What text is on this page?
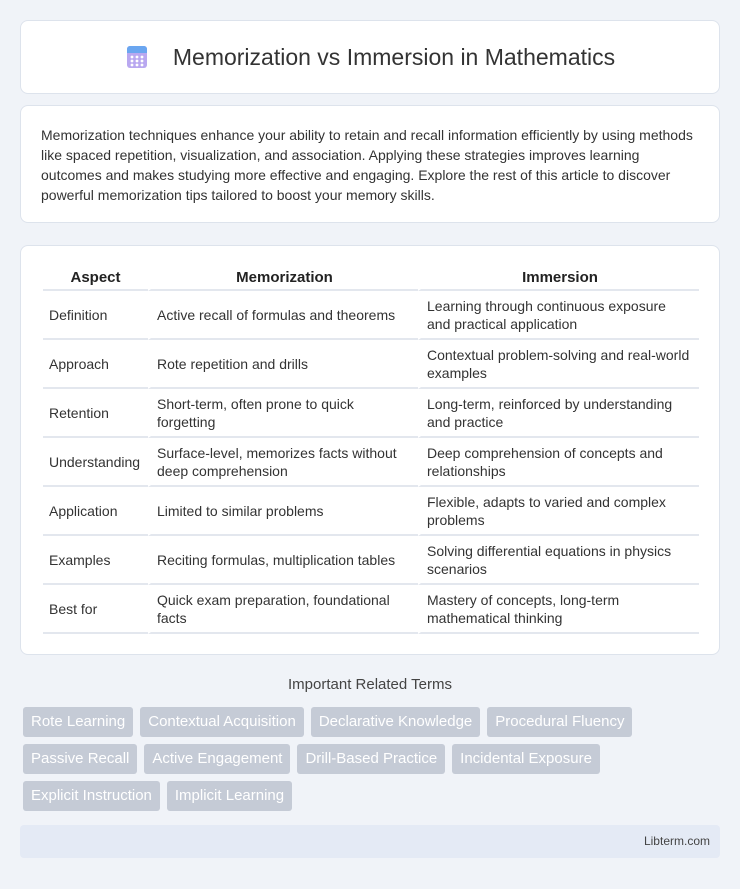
Memorization vs Immersion in Mathematics

Memorization techniques enhance your ability to retain and recall information efficiently by using methods like spaced repetition, visualization, and association. Applying these strategies improves learning outcomes and makes studying more effective and engaging. Explore the rest of this article to discover powerful memorization tips tailored to boost your memory skills.

Aspect	Memorization	Immersion
Definition	Active recall of formulas and theorems	Learning through continuous exposure and practical application
Approach	Rote repetition and drills	Contextual problem-solving and real-world examples
Retention	Short-term, often prone to quick forgetting	Long-term, reinforced by understanding and practice
Understanding	Surface-level, memorizes facts without deep comprehension	Deep comprehension of concepts and relationships
Application	Limited to similar problems	Flexible, adapts to varied and complex problems
Examples	Reciting formulas, multiplication tables	Solving differential equations in physics scenarios
Best for	Quick exam preparation, foundational facts	Mastery of concepts, long-term mathematical thinking
Important Related Terms
Rote Learning	Contextual Acquisition	Declarative Knowledge	Procedural Fluency
Passive Recall	Active Engagement	Drill-Based Practice	Incidental Exposure
Explicit Instruction	Implicit Learning
Libterm.com
